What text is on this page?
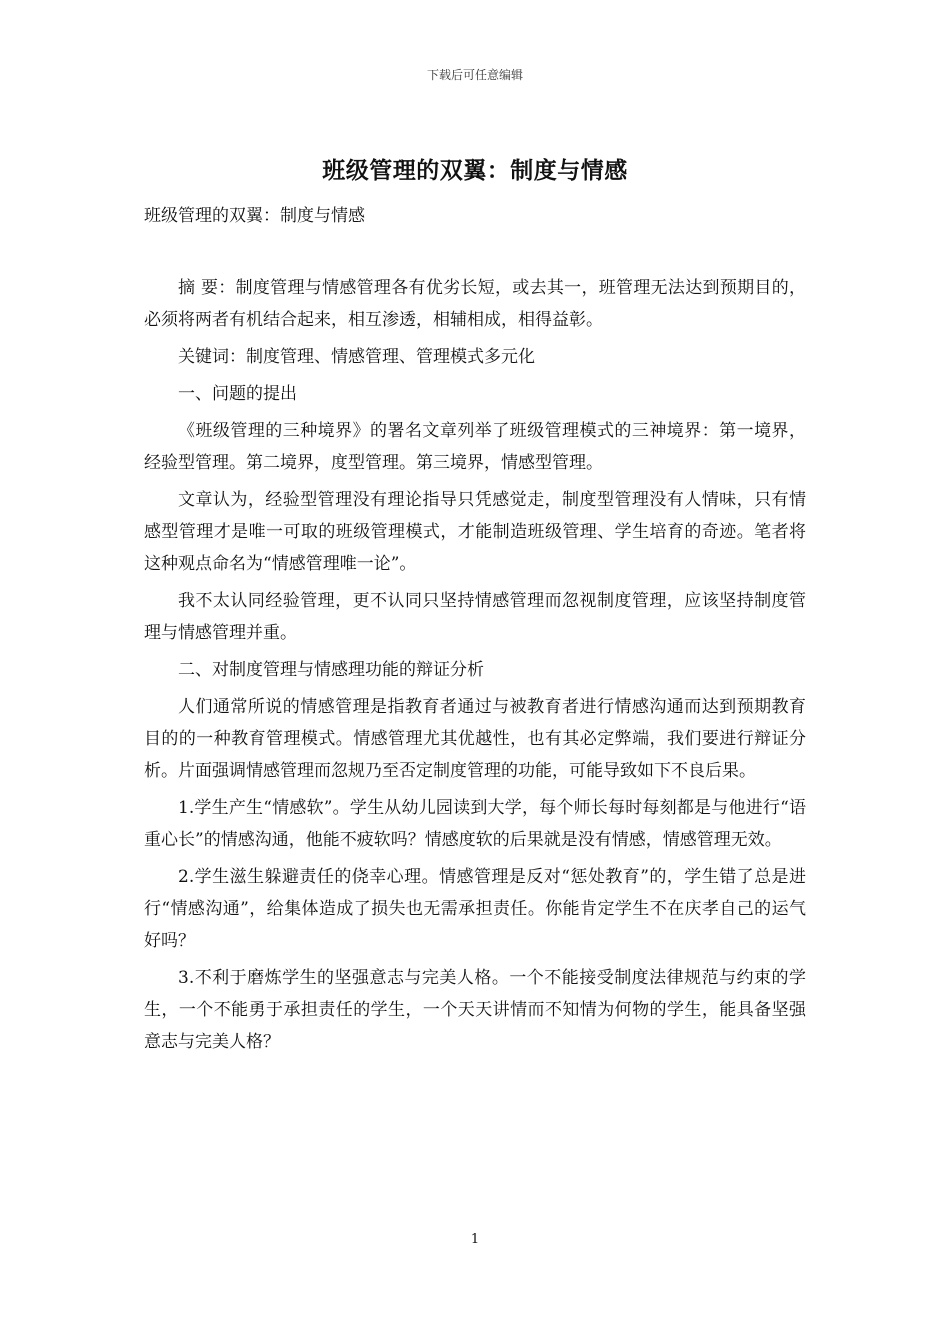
下载后可任意编辑
班级管理的双翼：制度与情感
班级管理的双翼：制度与情感

摘 要：制度管理与情感管理各有优劣长短，或去其一，班管理无法达到预期目的，必须将两者有机结合起来，相互渗透，相辅相成，相得益彰。

关键词：制度管理、情感管理、管理模式多元化

一、问题的提出

《班级管理的三种境界》的署名文章列举了班级管理模式的三神境界：第一境界，经验型管理。第二境界，度型管理。第三境界，情感型管理。

文章认为，经验型管理没有理论指导只凭感觉走，制度型管理没有人情味，只有情感型管理才是唯一可取的班级管理模式，才能制造班级管理、学生培育的奇迹。笔者将这种观点命名为“情感管理唯一论”。

我不太认同经验管理，更不认同只坚持情感管理而忽视制度管理，应该坚持制度管理与情感管理并重。

二、对制度管理与情感理功能的辩证分析

人们通常所说的情感管理是指教育者通过与被教育者进行情感沟通而达到预期教育目的的一种教育管理模式。情感管理尤其优越性，也有其必定弊端，我们要进行辩证分析。片面强调情感管理而忽规乃至否定制度管理的功能，可能导致如下不良后果。

1.学生产生“情感软”。学生从幼儿园读到大学，每个师长每时每刻都是与他进行“语重心长”的情感沟通，他能不疲软吗？情感度软的后果就是没有情感，情感管理无效。

2.学生滋生躲避责任的侥幸心理。情感管理是反对“惩处教育”的，学生错了总是进行“情感沟通”，给集体造成了损失也无需承担责任。你能肯定学生不在庆孝自己的运气好吗？

3.不利于磨炼学生的坚强意志与完美人格。一个不能接受制度法律规范与约束的学生，一个不能勇于承担责任的学生，一个天天讲情而不知情为何物的学生，能具备坚强意志与完美人格？

1
